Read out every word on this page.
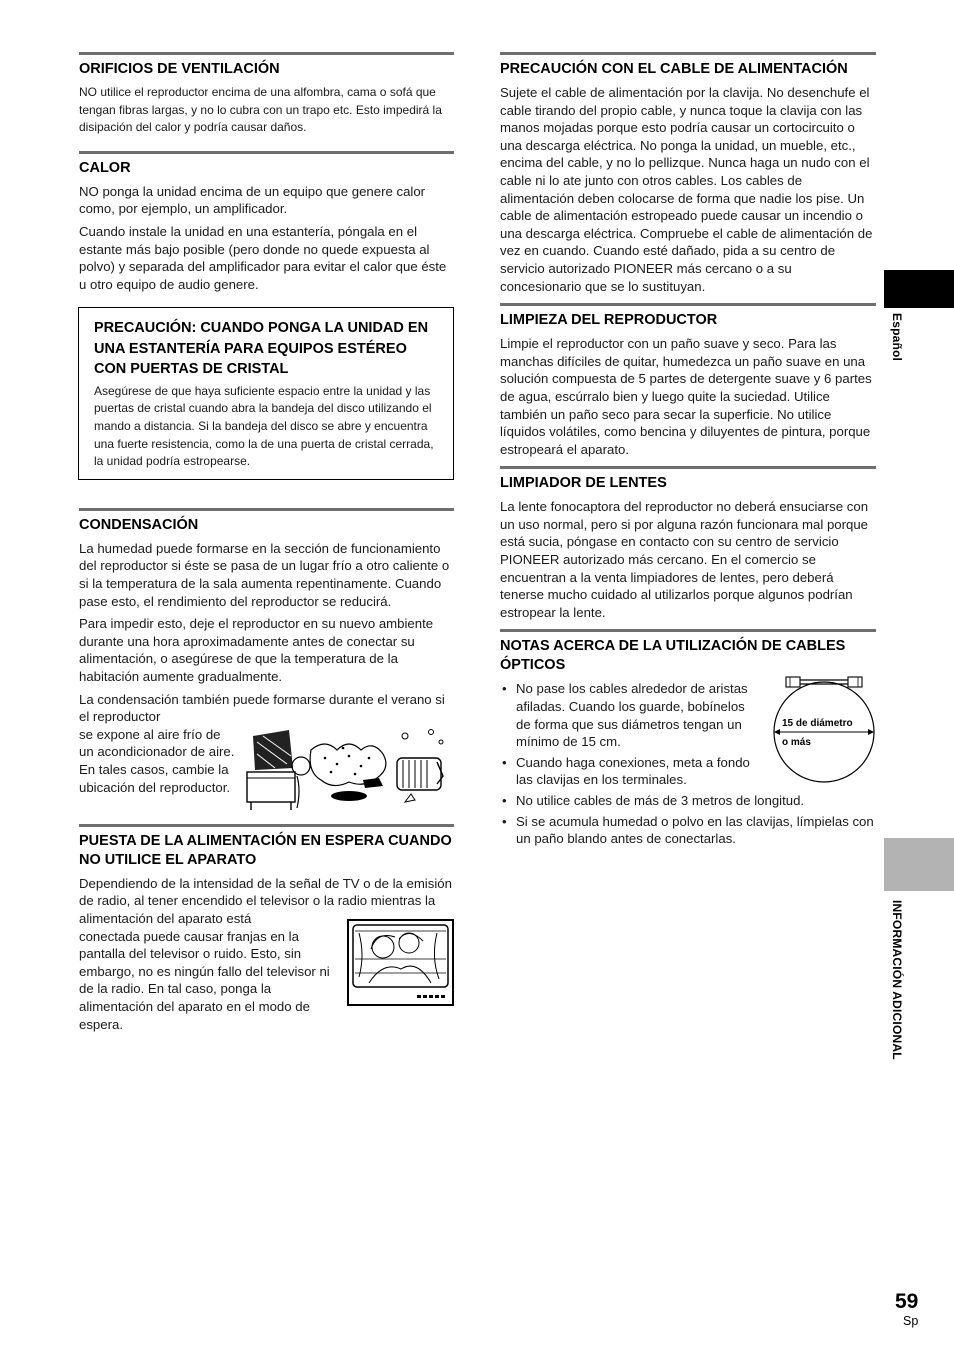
ORIFICIOS DE VENTILACIÓN

NO utilice el reproductor encima de una alfombra, cama o sofá que tengan fibras largas, y no lo cubra con un trapo etc. Esto impedirá la disipación del calor y podría causar daños.

CALOR

NO ponga la unidad encima de un equipo que genere calor como, por ejemplo, un amplificador.

Cuando instale la unidad en una estantería, póngala en el estante más bajo posible (pero donde no quede expuesta al polvo) y separada del amplificador para evitar el calor que éste u otro equipo de audio genere.

PRECAUCIÓN: CUANDO PONGA LA UNIDAD EN UNA ESTANTERÍA PARA EQUIPOS ESTÉREO CON PUERTAS DE CRISTAL

Asegúrese de que haya suficiente espacio entre la unidad y las puertas de cristal cuando abra la bandeja del disco utilizando el mando a distancia. Si la bandeja del disco se abre y encuentra una fuerte resistencia, como la de una puerta de cristal cerrada, la unidad podría estropearse.

CONDENSACIÓN

La humedad puede formarse en la sección de funcionamiento del reproductor si éste se pasa de un lugar frío a otro caliente o si la temperatura de la sala aumenta repentinamente. Cuando pase esto, el rendimiento del reproductor se reducirá.

Para impedir esto, deje el reproductor en su nuevo ambiente durante una hora aproximadamente antes de conectar su alimentación, o asegúrese de que la temperatura de la habitación aumente gradualmente.

La condensación también puede formarse durante el verano si el reproductor

se expone al aire frío de un acondicionador de aire. En tales casos, cambie la ubicación del reproductor.
PUESTA DE LA ALIMENTACIÓN EN ESPERA CUANDO NO UTILICE EL APARATO

Dependiendo de la intensidad de la señal de TV o de la emisión de radio, al tener encendido el televisor o la radio mientras la alimentación del aparato está

conectada puede causar franjas en la pantalla del televisor o ruido. Esto, sin embargo, no es ningún fallo del televisor ni de la radio. En tal caso, ponga la alimentación del aparato en el modo de espera.
PRECAUCIÓN CON EL CABLE DE ALIMENTACIÓN

Sujete el cable de alimentación por la clavija. No desenchufe el cable tirando del propio cable, y nunca toque la clavija con las manos mojadas porque esto podría causar un cortocircuito o una descarga eléctrica. No ponga la unidad, un mueble, etc., encima del cable, y no lo pellizque. Nunca haga un nudo con el cable ni lo ate junto con otros cables. Los cables de alimentación deben colocarse de forma que nadie los pise. Un cable de alimentación estropeado puede causar un incendio o una descarga eléctrica. Compruebe el cable de alimentación de vez en cuando. Cuando esté dañado, pida a su centro de servicio autorizado PIONEER más cercano o a su concesionario que se lo sustituyan.

LIMPIEZA DEL REPRODUCTOR

Limpie el reproductor con un paño suave y seco. Para las manchas difíciles de quitar, humedezca un paño suave en una solución compuesta de 5 partes de detergente suave y 6 partes de agua, escúrralo bien y luego quite la suciedad. Utilice también un paño seco para secar la superficie. No utilice líquidos volátiles, como bencina y diluyentes de pintura, porque estropeará el aparato.

LIMPIADOR DE LENTES

La lente fonocaptora del reproductor no deberá ensuciarse con un uso normal, pero si por alguna razón funcionara mal porque está sucia, póngase en contacto con su centro de servicio PIONEER autorizado más cercano. En el comercio se encuentran a la venta limpiadores de lentes, pero deberá tenerse mucho cuidado al utilizarlos porque algunos podrían estropear la lente.

NOTAS ACERCA DE LA UTILIZACIÓN DE CABLES ÓPTICOS
15 de diámetro
o más
• No pase los cables alrededor de aristas afiladas. Cuando los guarde, bobínelos de forma que sus diámetros tengan un mínimo de 15 cm.
• Cuando haga conexiones, meta a fondo las clavijas en los terminales.
• No utilice cables de más de 3 metros de longitud.
• Si se acumula humedad o polvo en las clavijas, límpielas con un paño blando antes de conectarlas.
Español
INFORMACIÓN ADICIONAL
59
Sp
